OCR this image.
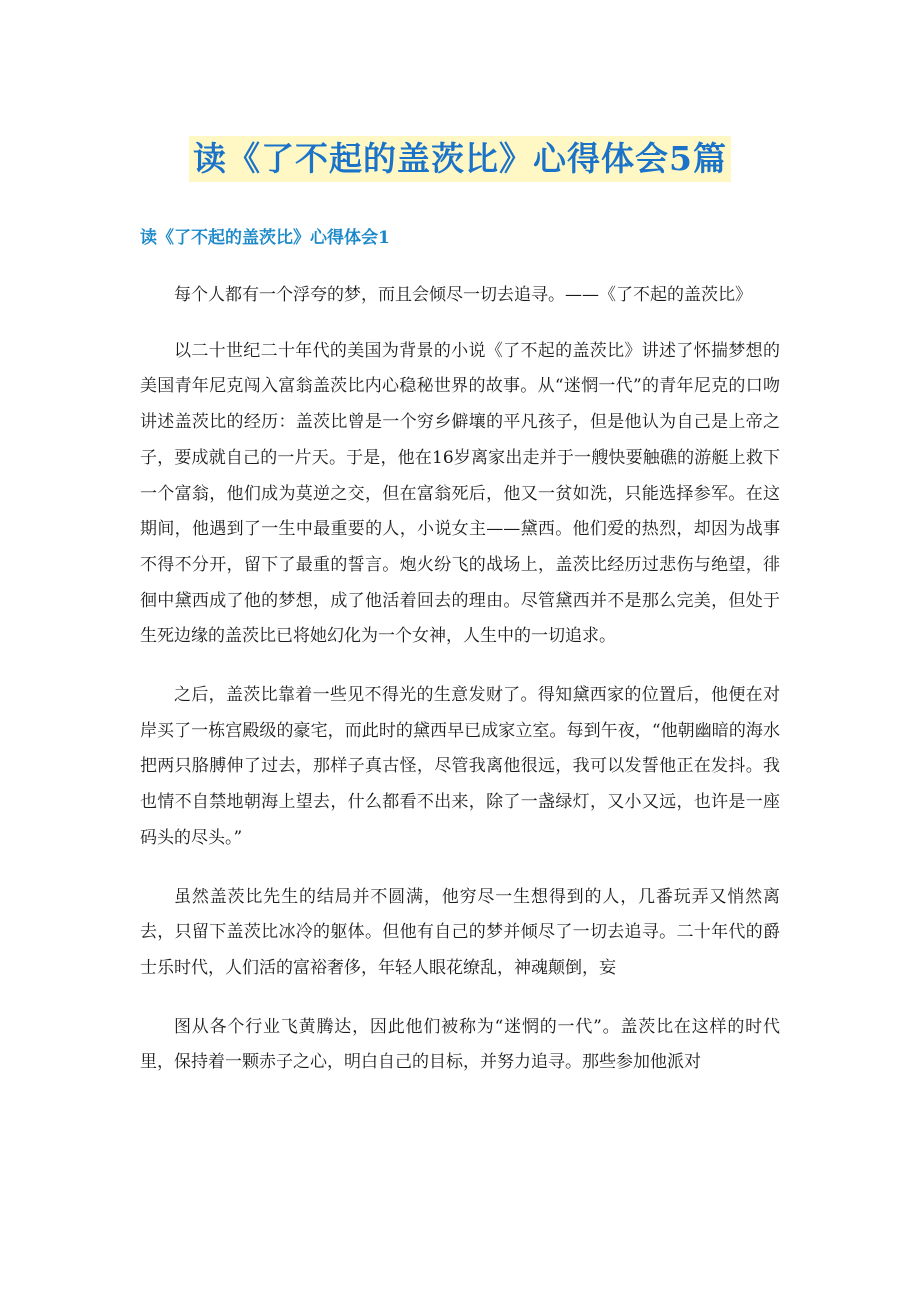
读《了不起的盖茨比》心得体会5篇
读《了不起的盖茨比》心得体会1

每个人都有一个浮夸的梦，而且会倾尽一切去追寻。——《了不起的盖茨比》

以二十世纪二十年代的美国为背景的小说《了不起的盖茨比》讲述了怀揣梦想的美国青年尼克闯入富翁盖茨比内心稳秘世界的故事。从“迷惘一代”的青年尼克的口吻讲述盖茨比的经历：盖茨比曾是一个穷乡僻壤的平凡孩子，但是他认为自己是上帝之子，要成就自己的一片天。于是，他在16岁离家出走并于一艘快要触礁的游艇上救下一个富翁，他们成为莫逆之交，但在富翁死后，他又一贫如洗，只能选择参军。在这期间，他遇到了一生中最重要的人，小说女主——黛西。他们爱的热烈，却因为战事不得不分开，留下了最重的誓言。炮火纷飞的战场上，盖茨比经历过悲伤与绝望，徘徊中黛西成了他的梦想，成了他活着回去的理由。尽管黛西并不是那么完美，但处于生死边缘的盖茨比已将她幻化为一个女神，人生中的一切追求。

之后，盖茨比靠着一些见不得光的生意发财了。得知黛西家的位置后，他便在对岸买了一栋宫殿级的豪宅，而此时的黛西早已成家立室。每到午夜，“他朝幽暗的海水把两只胳膊伸了过去，那样子真古怪，尽管我离他很远，我可以发誓他正在发抖。我也情不自禁地朝海上望去，什么都看不出来，除了一盏绿灯，又小又远，也许是一座码头的尽头。”

虽然盖茨比先生的结局并不圆满，他穷尽一生想得到的人，几番玩弄又悄然离去，只留下盖茨比冰冷的躯体。但他有自己的梦并倾尽了一切去追寻。二十年代的爵士乐时代，人们活的富裕奢侈，年轻人眼花缭乱，神魂颠倒，妄

图从各个行业飞黄腾达，因此他们被称为“迷惘的一代”。盖茨比在这样的时代里，保持着一颗赤子之心，明白自己的目标，并努力追寻。那些参加他派对
